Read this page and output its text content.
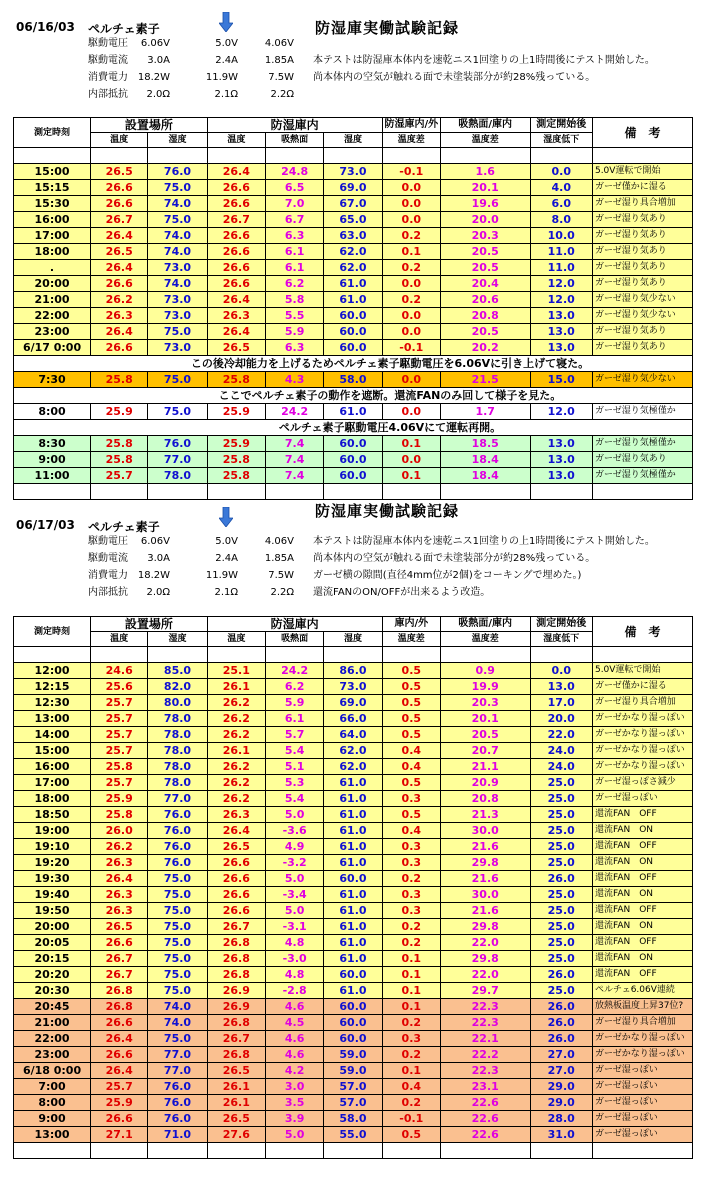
06/16/03 ペルチェ素子	防湿庫実働試験記録
駆動電圧 6.06V	5.0V	4.06V
駆動電流 3.0A	2.4A	1.85A
消費電力 18.2W	11.9W	7.5W
内部抵抗 2.0Ω	2.1Ω	2.2Ω
本テストは防湿庫本体内を速乾ニス1回塗りの上1時間後にテスト開始した。
尚本体内の空気が触れる面で未塗装部分が約28%残っている。
測定時刻	設置場所		防湿庫内			防湿庫内/外	吸熱面/庫内	測定開始後	備　考
	温度	湿度	温度	吸熱面	湿度	温度差	温度差	湿度低下	

15:00	26.5	76.0	26.4	24.8	73.0	-0.1	1.6	0.0	5.0V運転で開始
15:15	26.6	75.0	26.6	6.5	69.0	0.0	20.1	4.0	ガーゼ僅かに湿る
15:30	26.6	74.0	26.6	7.0	67.0	0.0	19.6	6.0	ガーゼ湿り具合増加
16:00	26.7	75.0	26.7	6.7	65.0	0.0	20.0	8.0	ガーゼ湿り気あり
17:00	26.4	74.0	26.6	6.3	63.0	0.2	20.3	10.0	ガーゼ湿り気あり
18:00	26.5	74.0	26.6	6.1	62.0	0.1	20.5	11.0	ガーゼ湿り気あり
.	26.4	73.0	26.6	6.1	62.0	0.2	20.5	11.0	ガーゼ湿り気あり
20:00	26.6	74.0	26.6	6.2	61.0	0.0	20.4	12.0	ガーゼ湿り気あり
21:00	26.2	73.0	26.4	5.8	61.0	0.2	20.6	12.0	ガーゼ湿り気少ない
22:00	26.3	73.0	26.3	5.5	60.0	0.0	20.8	13.0	ガーゼ湿り気少ない
23:00	26.4	75.0	26.4	5.9	60.0	0.0	20.5	13.0	ガーゼ湿り気あり
6/17 0:00	26.6	73.0	26.5	6.3	60.0	-0.1	20.2	13.0	ガーゼ湿り気あり
この後冷却能力を上げるためペルチェ素子駆動電圧を6.06Vに引き上げて寝た。									
7:30	25.8	75.0	25.8	4.3	58.0	0.0	21.5	15.0	ガーゼ湿り気少ない
ここでペルチェ素子の動作を遮断。還流FANのみ回して様子を見た。									
8:00	25.9	75.0	25.9	24.2	61.0	0.0	1.7	12.0	ガーゼ湿り気極僅か
ペルチェ素子駆動電圧4.06Vにて運転再開。									
8:30	25.8	76.0	25.9	7.4	60.0	0.1	18.5	13.0	ガーゼ湿り気極僅か
9:00	25.8	77.0	25.8	7.4	60.0	0.0	18.4	13.0	ガーゼ湿り気あり
11:00	25.7	78.0	25.8	7.4	60.0	0.1	18.4	13.0	ガーゼ湿り気極僅か

06/17/03 ペルチェ素子
防湿庫実働試験記録
駆動電圧 6.06V	5.0V	4.06V
駆動電流 3.0A	2.4A	1.85A
消費電力 18.2W	11.9W	7.5W
内部抵抗 2.0Ω	2.1Ω	2.2Ω
本テストは防湿庫本体内を速乾ニス1回塗りの上1時間後にテスト開始した。
尚本体内の空気が触れる面で未塗装部分が約28%残っている。
ガーゼ横の隙間(直径4mm位が2個)をコーキングで埋めた。)
還流FANのON/OFFが出来るよう改造。
測定時刻	設置場所		防湿庫内			庫内/外	吸熱面/庫内	測定開始後	備　考
	温度	湿度	温度	吸熱面	湿度	温度差	温度差	湿度低下	

12:00	24.6	85.0	25.1	24.2	86.0	0.5	0.9	0.0	5.0V運転で開始
12:15	25.6	82.0	26.1	6.2	73.0	0.5	19.9	13.0	ガーゼ僅かに湿る
12:30	25.7	80.0	26.2	5.9	69.0	0.5	20.3	17.0	ガーゼ湿り具合増加
13:00	25.7	78.0	26.2	6.1	66.0	0.5	20.1	20.0	ガーゼかなり湿っぽい
14:00	25.7	78.0	26.2	5.7	64.0	0.5	20.5	22.0	ガーゼかなり湿っぽい
15:00	25.7	78.0	26.1	5.4	62.0	0.4	20.7	24.0	ガーゼかなり湿っぽい
16:00	25.8	78.0	26.2	5.1	62.0	0.4	21.1	24.0	ガーゼかなり湿っぽい
17:00	25.7	78.0	26.2	5.3	61.0	0.5	20.9	25.0	ガーゼ湿っぽさ減少
18:00	25.9	77.0	26.2	5.4	61.0	0.3	20.8	25.0	ガーゼ湿っぽい
18:50	25.8	76.0	26.3	5.0	61.0	0.5	21.3	25.0	還流FAN　OFF
19:00	26.0	76.0	26.4	-3.6	61.0	0.4	30.0	25.0	還流FAN　ON
19:10	26.2	76.0	26.5	4.9	61.0	0.3	21.6	25.0	還流FAN　OFF
19:20	26.3	76.0	26.6	-3.2	61.0	0.3	29.8	25.0	還流FAN　ON
19:30	26.4	75.0	26.6	5.0	60.0	0.2	21.6	26.0	還流FAN　OFF
19:40	26.3	75.0	26.6	-3.4	61.0	0.3	30.0	25.0	還流FAN　ON
19:50	26.3	75.0	26.6	5.0	61.0	0.3	21.6	25.0	還流FAN　OFF
20:00	26.5	75.0	26.7	-3.1	61.0	0.2	29.8	25.0	還流FAN　ON
20:05	26.6	75.0	26.8	4.8	61.0	0.2	22.0	25.0	還流FAN　OFF
20:15	26.7	75.0	26.8	-3.0	61.0	0.1	29.8	25.0	還流FAN　ON
20:20	26.7	75.0	26.8	4.8	60.0	0.1	22.0	26.0	還流FAN　OFF
20:30	26.8	75.0	26.9	-2.8	61.0	0.1	29.7	25.0	ペルチェ6.06V連続
20:45	26.8	74.0	26.9	4.6	60.0	0.1	22.3	26.0	放熱板温度上昇37位?
21:00	26.6	74.0	26.8	4.5	60.0	0.2	22.3	26.0	ガーゼ湿り具合増加
22:00	26.4	75.0	26.7	4.6	60.0	0.3	22.1	26.0	ガーゼかなり湿っぽい
23:00	26.6	77.0	26.8	4.6	59.0	0.2	22.2	27.0	ガーゼかなり湿っぽい
6/18 0:00	26.4	77.0	26.5	4.2	59.0	0.1	22.3	27.0	ガーゼ湿っぽい
7:00	25.7	76.0	26.1	3.0	57.0	0.4	23.1	29.0	ガーゼ湿っぽい
8:00	25.9	76.0	26.1	3.5	57.0	0.2	22.6	29.0	ガーゼ湿っぽい
9:00	26.6	76.0	26.5	3.9	58.0	-0.1	22.6	28.0	ガーゼ湿っぽい
13:00	27.1	71.0	27.6	5.0	55.0	0.5	22.6	31.0	ガーゼ湿っぽい
